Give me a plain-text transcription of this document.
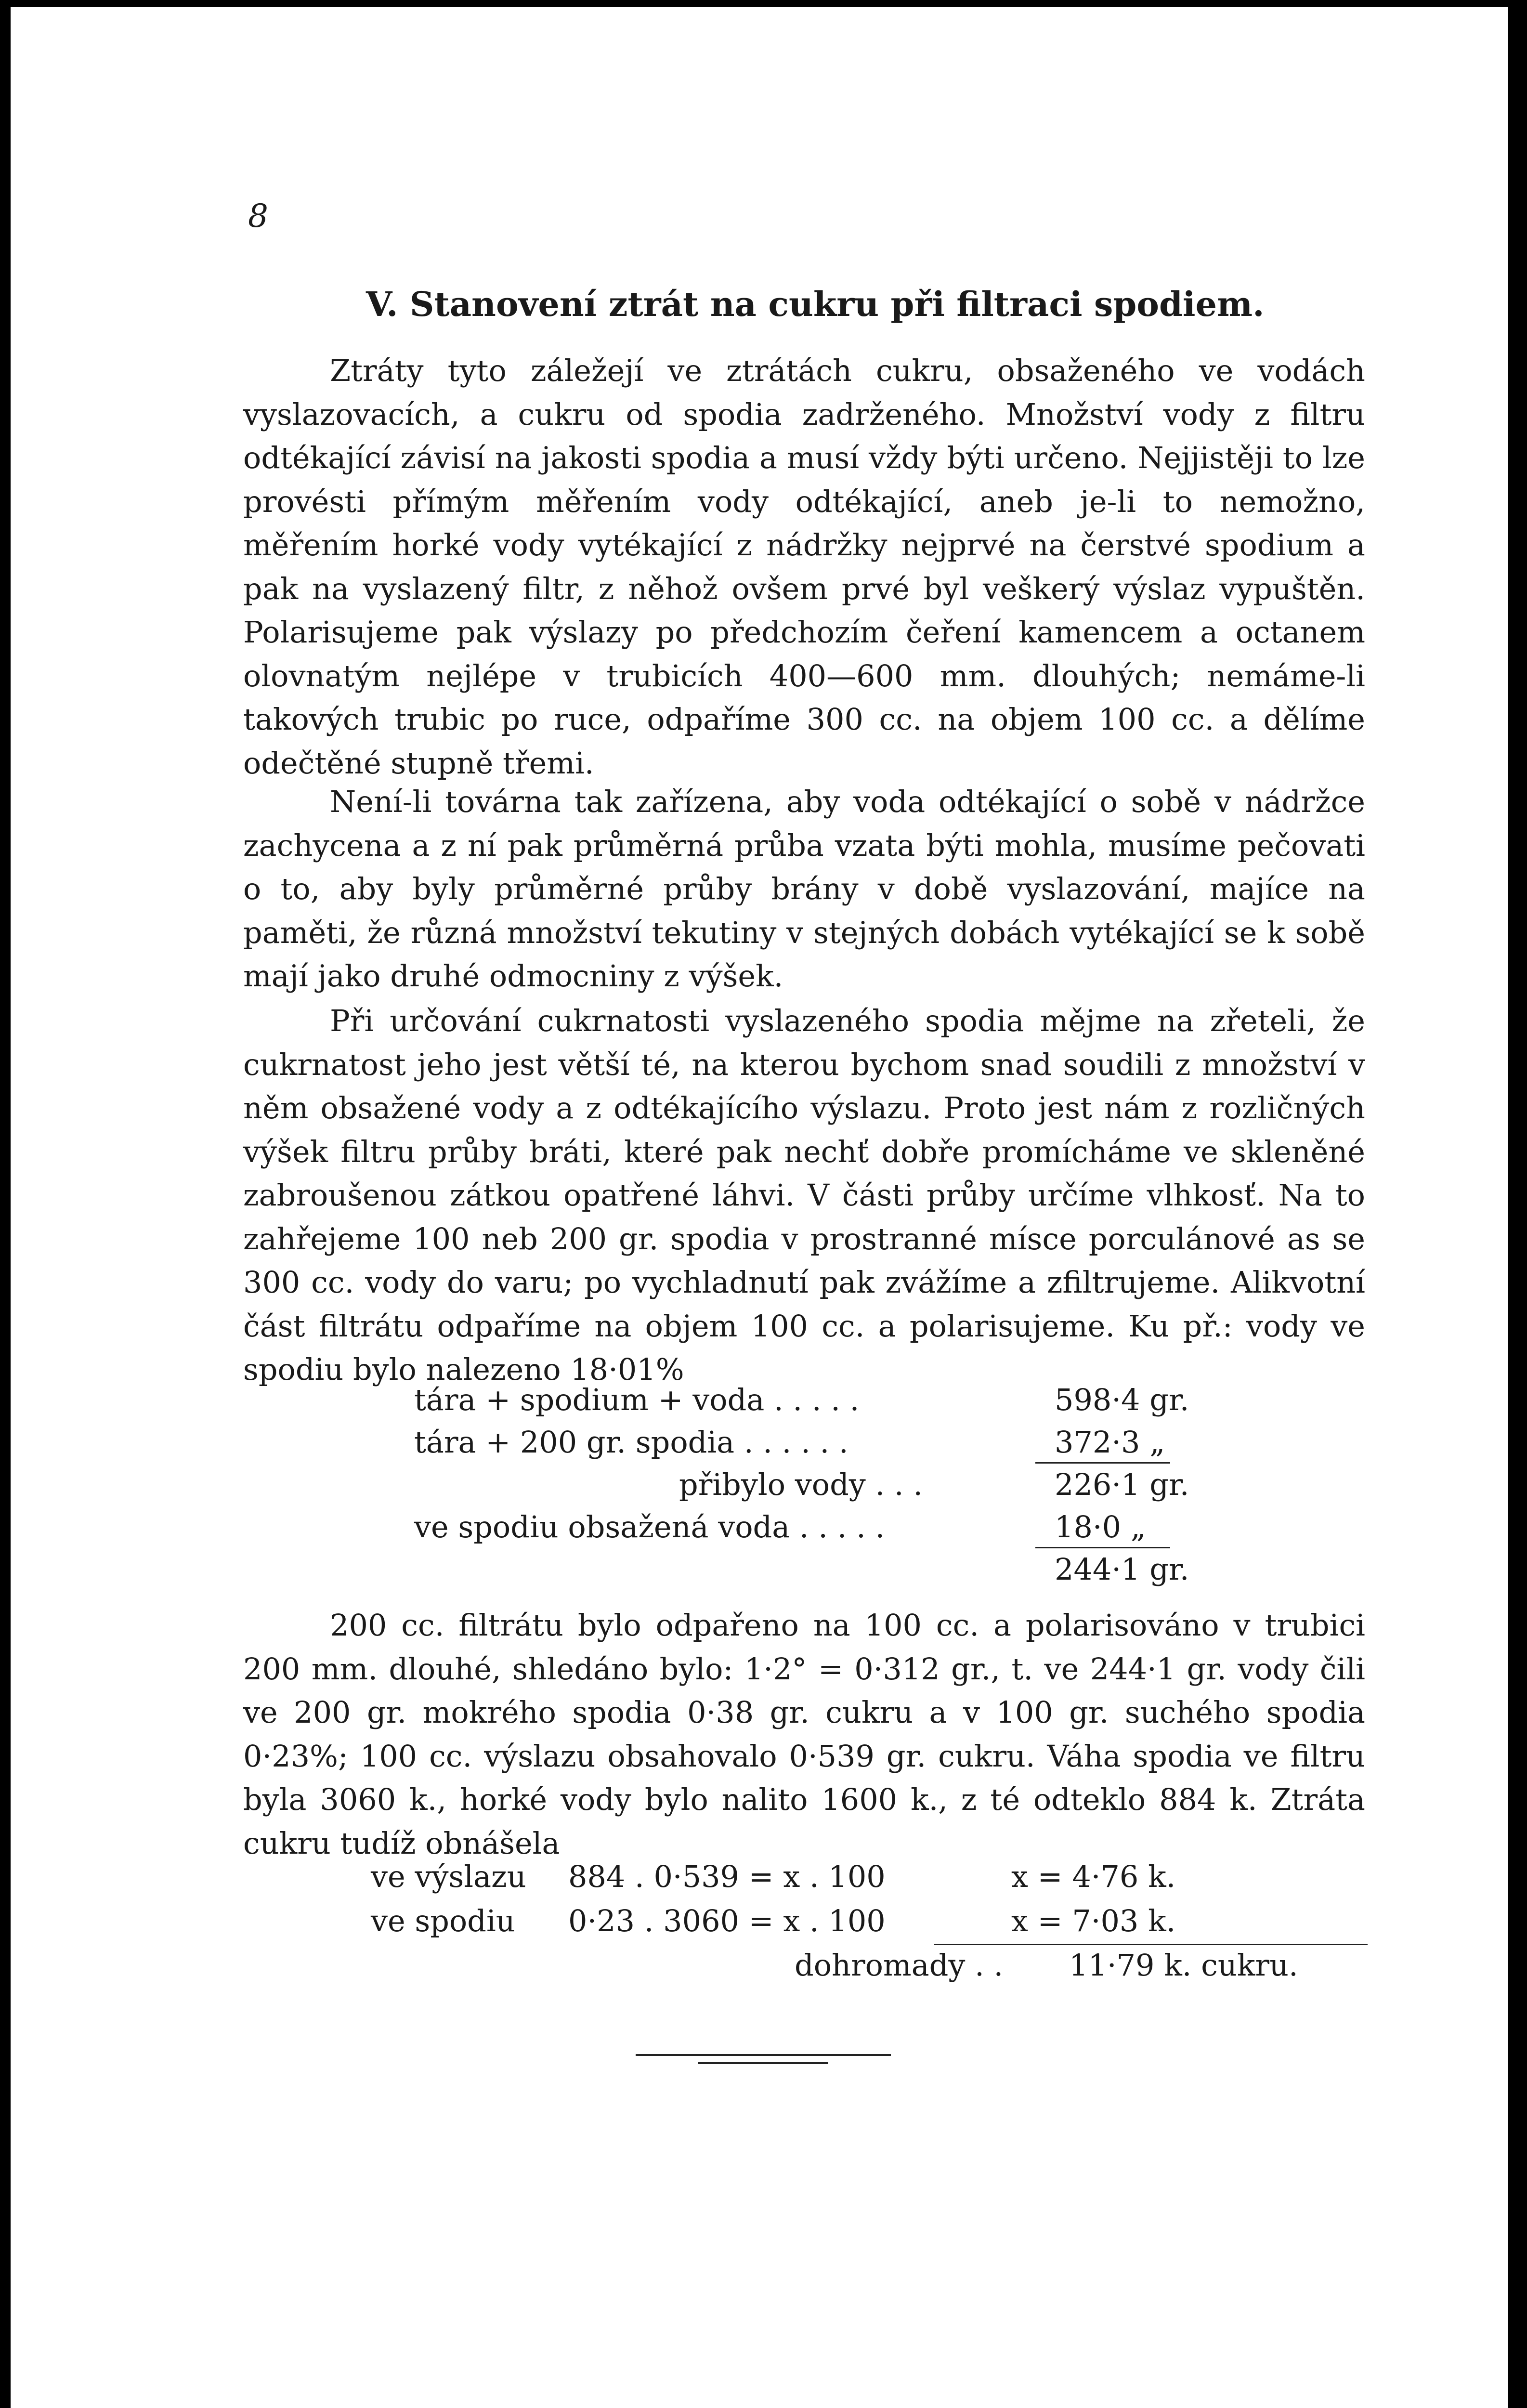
8
V. Stanovení ztrát na cukru při filtraci spodiem.

Ztráty tyto záležejí ve ztrátách cukru, obsaženého ve vodách vyslazovacích, a cukru od spodia zadrženého. Množství vody z filtru odtékající závisí na jakosti spodia a musí vždy býti určeno. Nejjistěji to lze provésti přímým měřením vody odtékající, aneb je-li to nemožno, měřením horké vody vytékající z nádržky nejprvé na čerstvé spodium a pak na vyslazený filtr, z něhož ovšem prvé byl veškerý výslaz vypuštěn. Polarisujeme pak výslazy po předchozím čeření kamencem a octanem olovnatým nejlépe v trubicích 400—600 mm. dlouhých; nemáme-li takových trubic po ruce, odpaříme 300 cc. na objem 100 cc. a dělíme odečtěné stupně třemi.

Není-li továrna tak zařízena, aby voda odtékající o sobě v nádržce zachycena a z ní pak průměrná průba vzata býti mohla, musíme pečovati o to, aby byly průměrné průby brány v době vyslazování, majíce na paměti, že různá množství tekutiny v stejných dobách vytékající se k sobě mají jako druhé odmocniny z výšek.

Při určování cukrnatosti vyslazeného spodia mějme na zřeteli, že cukrnatost jeho jest větší té, na kterou bychom snad soudili z množství v něm obsažené vody a z odtékajícího výslazu. Proto jest nám z rozličných výšek filtru průby bráti, které pak nechť dobře promícháme ve skleněné zabroušenou zátkou opatřené láhvi. V části průby určíme vlhkosť. Na to zahřejeme 100 neb 200 gr. spodia v prostranné míscе porculánové as se 300 cc. vody do varu; po vychladnutí pak zvážíme a zfiltrujeme. Alikvotní část filtrátu odpaříme na objem 100 cc. a polarisujeme. Ku př.: vody ve spodiu bylo nalezeno 18·01%

tára + spodium + voda . . . . .	598·4 gr.
tára + 200 gr. spodia . . . . . .	372·3 „
přibylo vody . . .	226·1 gr.
ve spodiu obsažená voda . . . . .	18·0 „
244·1 gr.

200 cc. filtrátu bylo odpařeno na 100 cc. a polarisováno v trubici 200 mm. dlouhé, shledáno bylo: 1·2° = 0·312 gr., t. ve 244·1 gr. vody čili ve 200 gr. mokrého spodia 0·38 gr. cukru a v 100 gr. suchého spodia 0·23%; 100 cc. výslazu obsahovalo 0·539 gr. cukru. Váha spodia ve filtru byla 3060 k., horké vody bylo nalito 1600 k., z té odteklo 884 k. Ztráta cukru tudíž obnášela

ve výslazu 884 . 0·539 = x . 100	x = 4·76 k.
ve spodiu 0·23 . 3060 = x . 100	x = 7·03 k.
dohromady . . 11·79 k. cukru.
